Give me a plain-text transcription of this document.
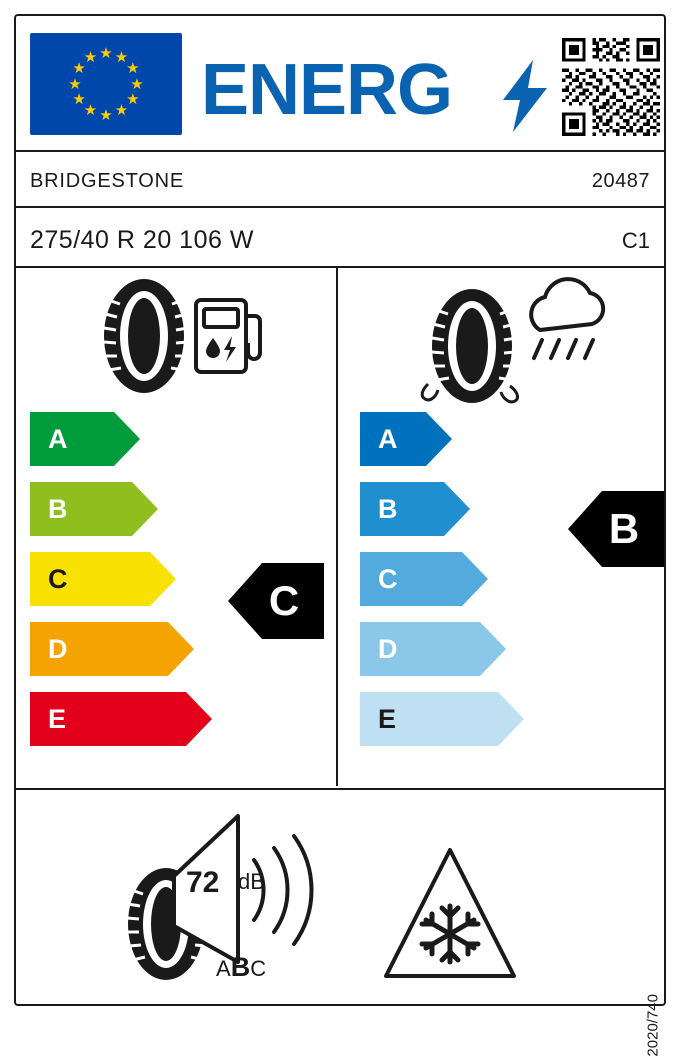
★ ★
★
★
★
★
★
★
★
★
★
★ ENERG
BRIDGESTONE	20487
275/40 R 20 106 W	C1
A
B
C
D
E
C
A
B
C
D
E
B
72 dB
ABC
2020/740
